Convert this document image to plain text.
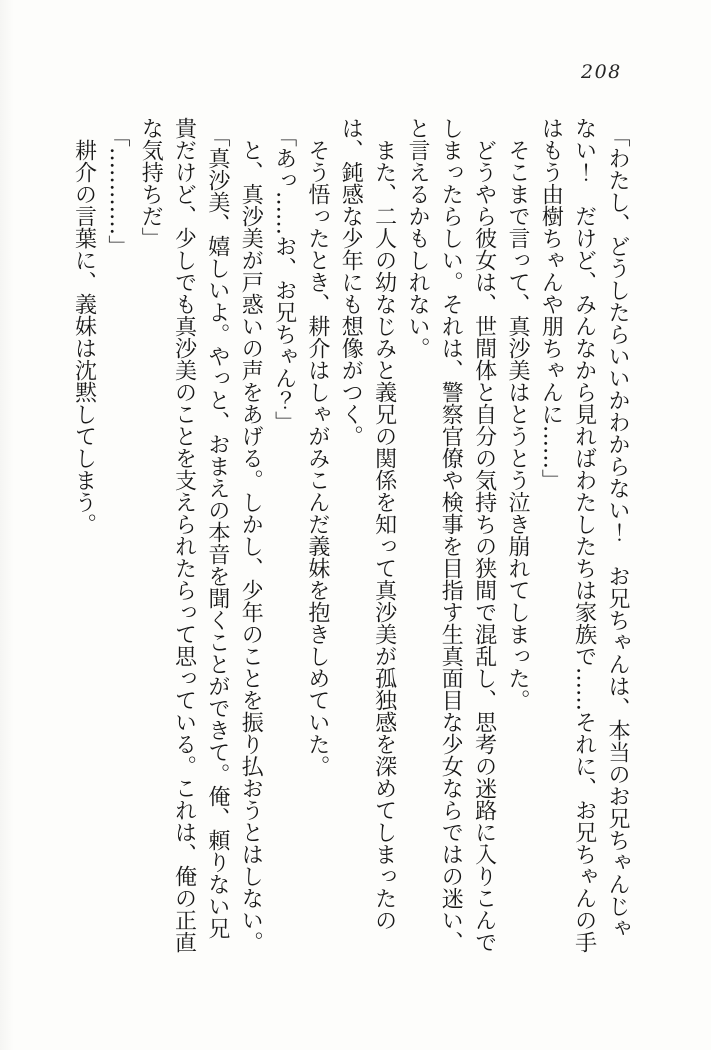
208

「わたし、どうしたらいいかわからない！　お兄ちゃんは、本当のお兄ちゃんじゃない！　だけど、みんなから見ればわたしたちは家族で……それに、お兄ちゃんの手はもう由樹ちゃんや朋ちゃんに……」

そこまで言って、真沙美はとうとう泣き崩れてしまった。

どうやら彼女は、世間体と自分の気持ちの狭間で混乱し、思考の迷路に入りこんでしまったらしい。それは、警察官僚や検事を目指す生真面目な少女ならではの迷い、と言えるかもしれない。

また、二人の幼なじみと義兄の関係を知って真沙美が孤独感を深めてしまったのは、鈍感な少年にも想像がつく。

そう悟ったとき、耕介はしゃがみこんだ義妹を抱きしめていた。

「あっ……お、お兄ちゃん？」

と、真沙美が戸惑いの声をあげる。しかし、少年のことを振り払おうとはしない。

「真沙美、嬉しいよ。やっと、おまえの本音を聞くことができて。俺、頼りない兄貴だけど、少しでも真沙美のことを支えられたらって思っている。これは、俺の正直な気持ちだ」

「…………」

耕介の言葉に、義妹は沈黙してしまう。
